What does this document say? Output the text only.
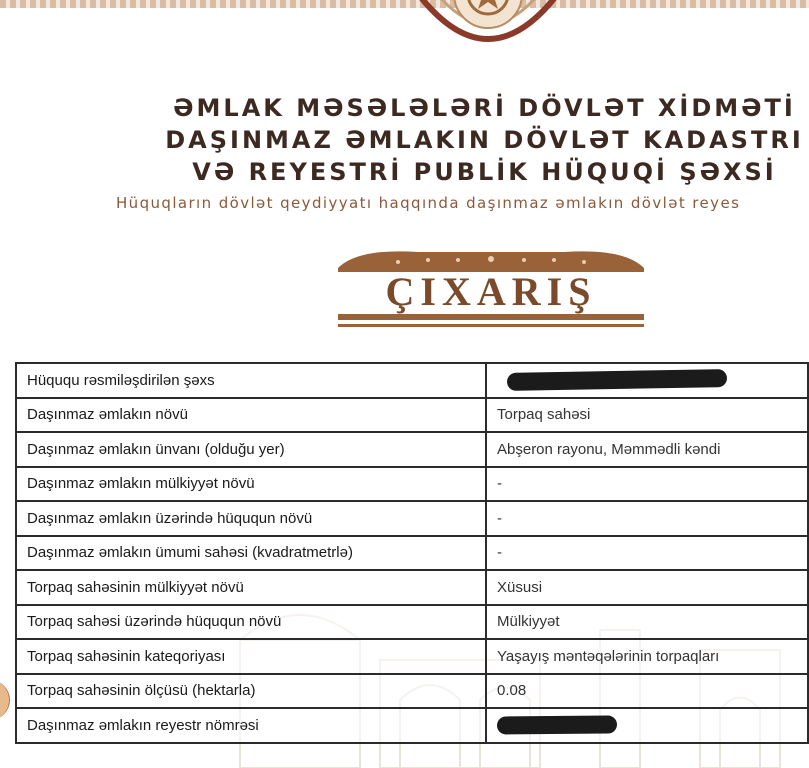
ƏMLAK MƏSƏLƏLƏRİ DÖVLƏT XİDMƏTİ
DAŞINMAZ ƏMLAKIN DÖVLƏT KADASTRI
VƏ REYESTRİ PUBLİK HÜQUQİ ŞƏXSİ
Hüquqların dövlət qeydiyyatı haqqında daşınmaz əmlakın dövlət reyes
ÇIXARIŞ
Hüququ rəsmiləşdirilən şəxs	
Daşınmaz əmlakın növü	Torpaq sahəsi
Daşınmaz əmlakın ünvanı (olduğu yer)	Abşeron rayonu, Məmmədli kəndi
Daşınmaz əmlakın mülkiyyət növü	-
Daşınmaz əmlakın üzərində hüququn növü	-
Daşınmaz əmlakın ümumi sahəsi (kvadratmetrlə)	-
Torpaq sahəsinin mülkiyyət növü	Xüsusi
Torpaq sahəsi üzərində hüququn növü	Mülkiyyət
Torpaq sahəsinin kateqoriyası	Yaşayış məntəqələrinin torpaqları
Torpaq sahəsinin ölçüsü (hektarla)	0.08
Daşınmaz əmlakın reyestr nömrəsi	
